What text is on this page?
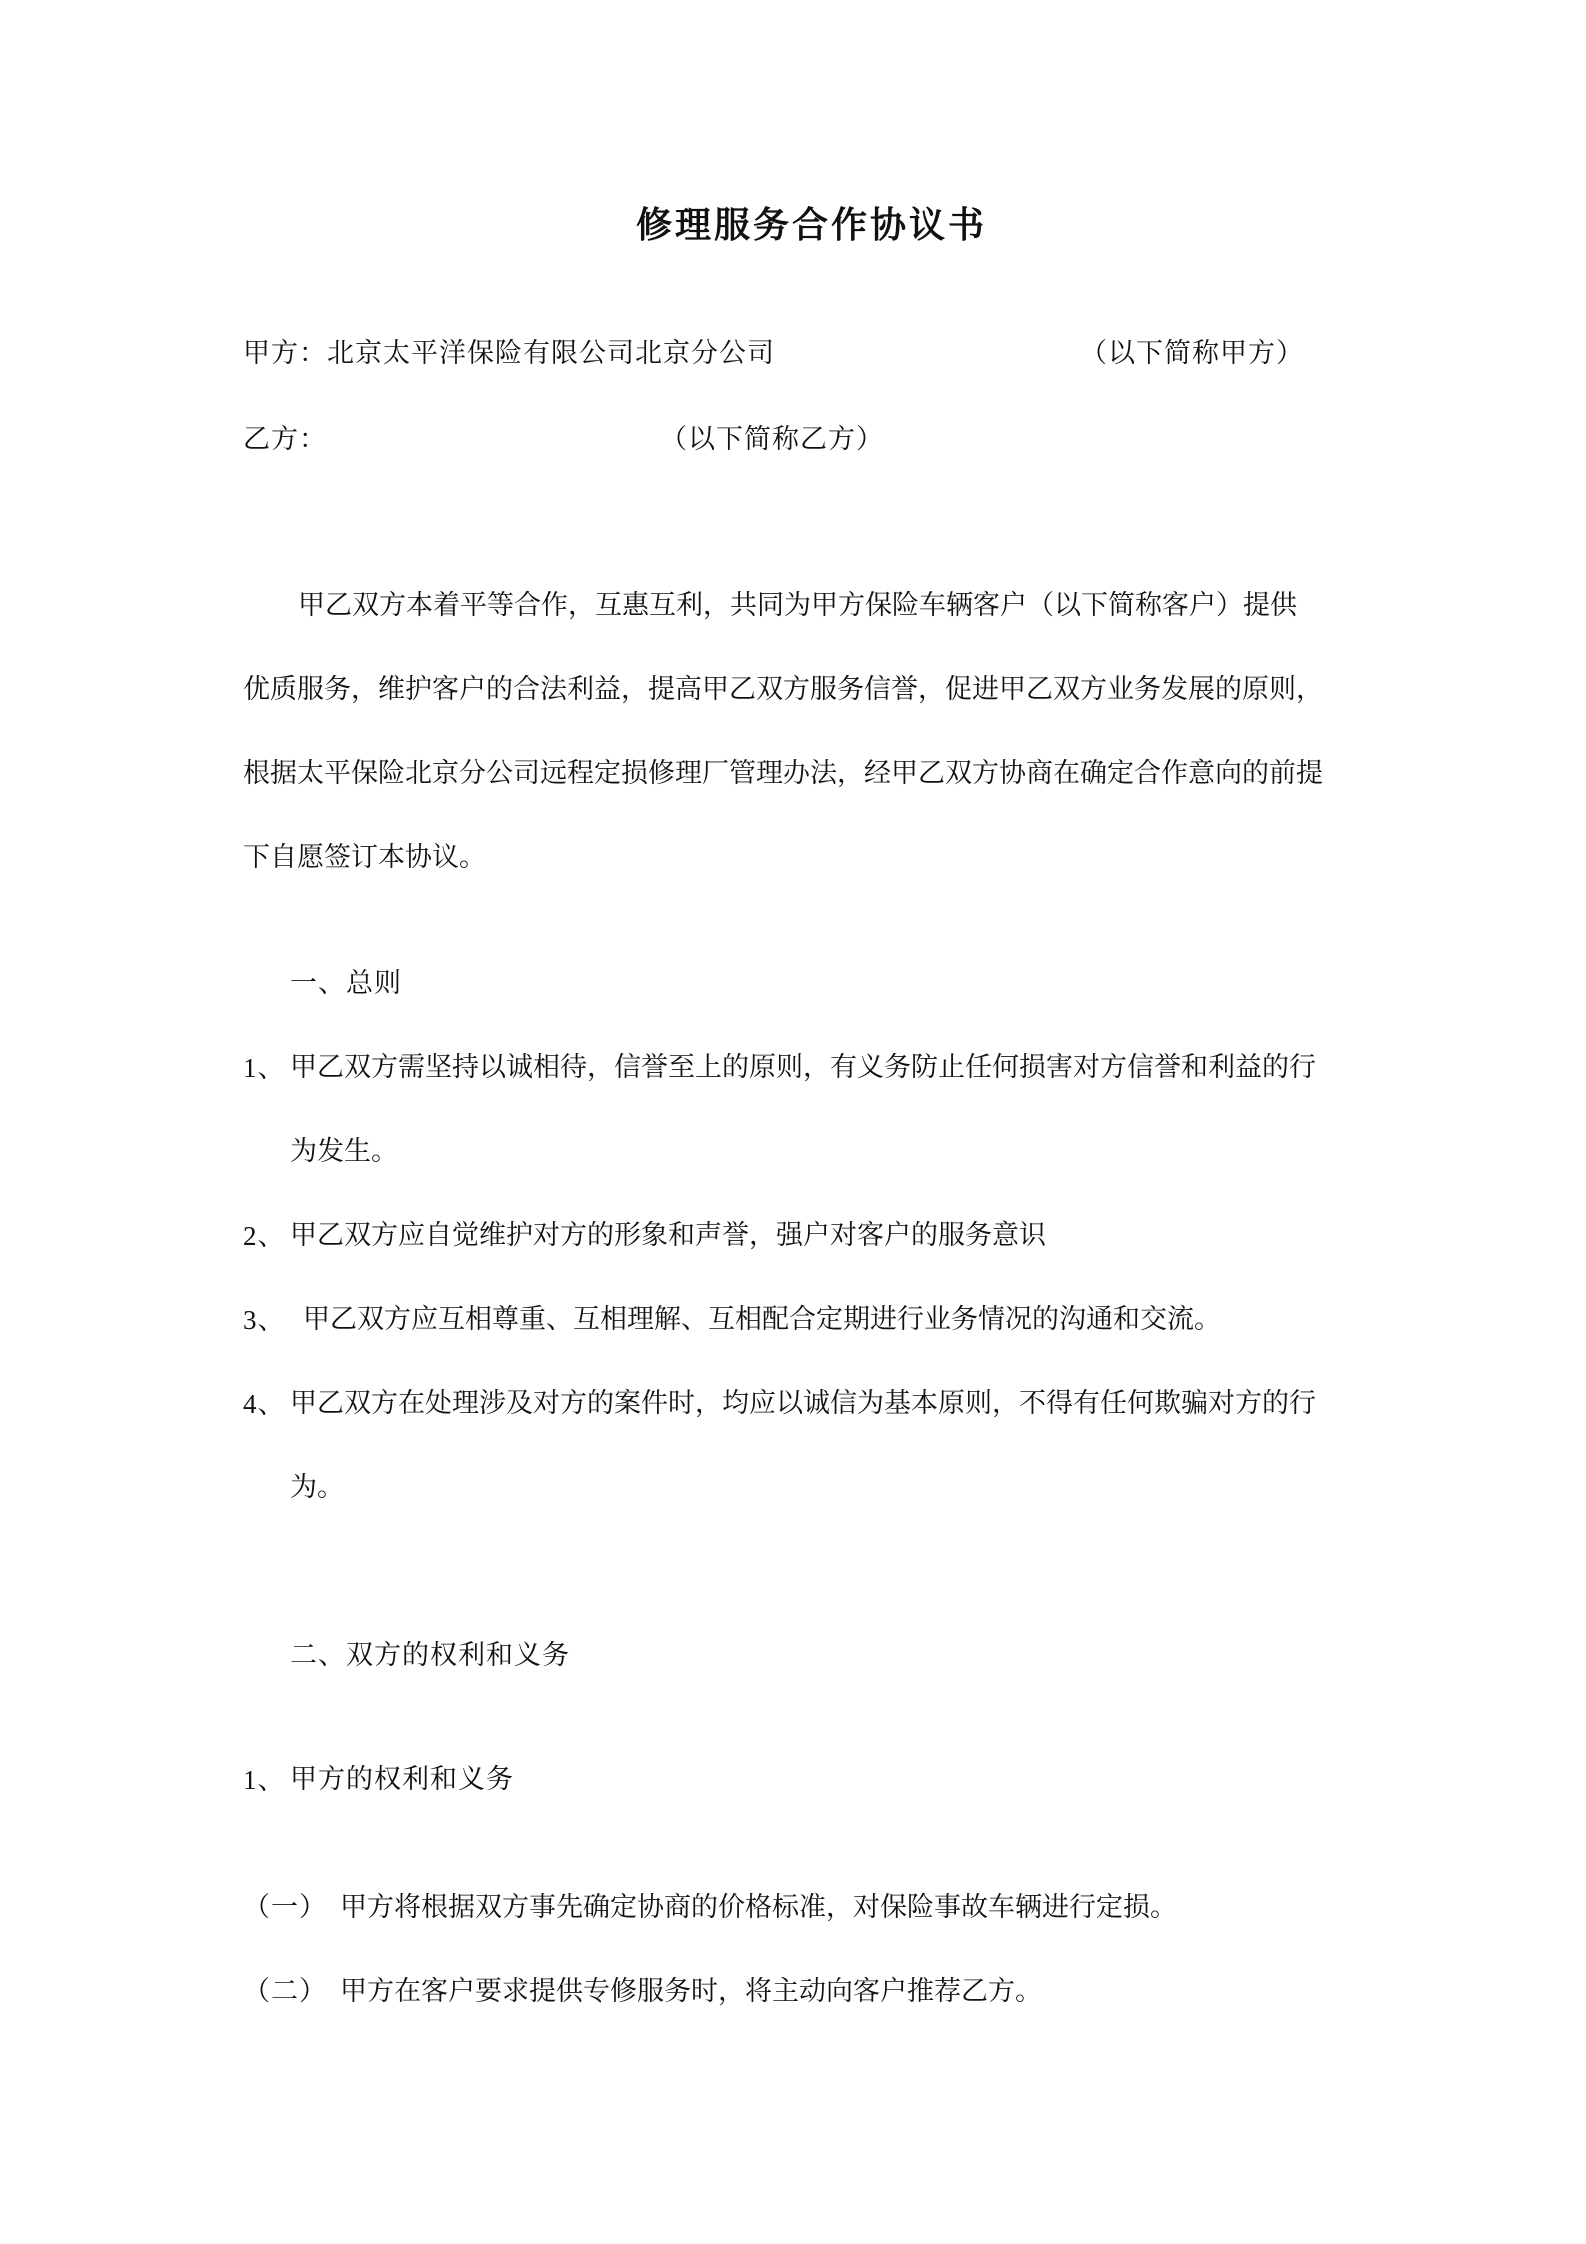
修理服务合作协议书
甲方：北京太平洋保险有限公司北京分公司	（以下简称甲方）
乙方：	（以下简称乙方）
甲乙双方本着平等合作，互惠互利，共同为甲方保险车辆客户（以下简称客户）提供
优质服务，维护客户的合法利益，提高甲乙双方服务信誉，促进甲乙双方业务发展的原则，
根据太平保险北京分公司远程定损修理厂管理办法，经甲乙双方协商在确定合作意向的前提
下自愿签订本协议。
一、总则
1、 甲乙双方需坚持以诚相待，信誉至上的原则，有义务防止任何损害对方信誉和利益的行
为发生。
2、 甲乙双方应自觉维护对方的形象和声誉，强户对客户的服务意识
3、 甲乙双方应互相尊重、互相理解、互相配合定期进行业务情况的沟通和交流。
4、 甲乙双方在处理涉及对方的案件时，均应以诚信为基本原则，不得有任何欺骗对方的行
为。
二、双方的权利和义务
1、 甲方的权利和义务
（一） 甲方将根据双方事先确定协商的价格标准，对保险事故车辆进行定损。
（二） 甲方在客户要求提供专修服务时，将主动向客户推荐乙方。
